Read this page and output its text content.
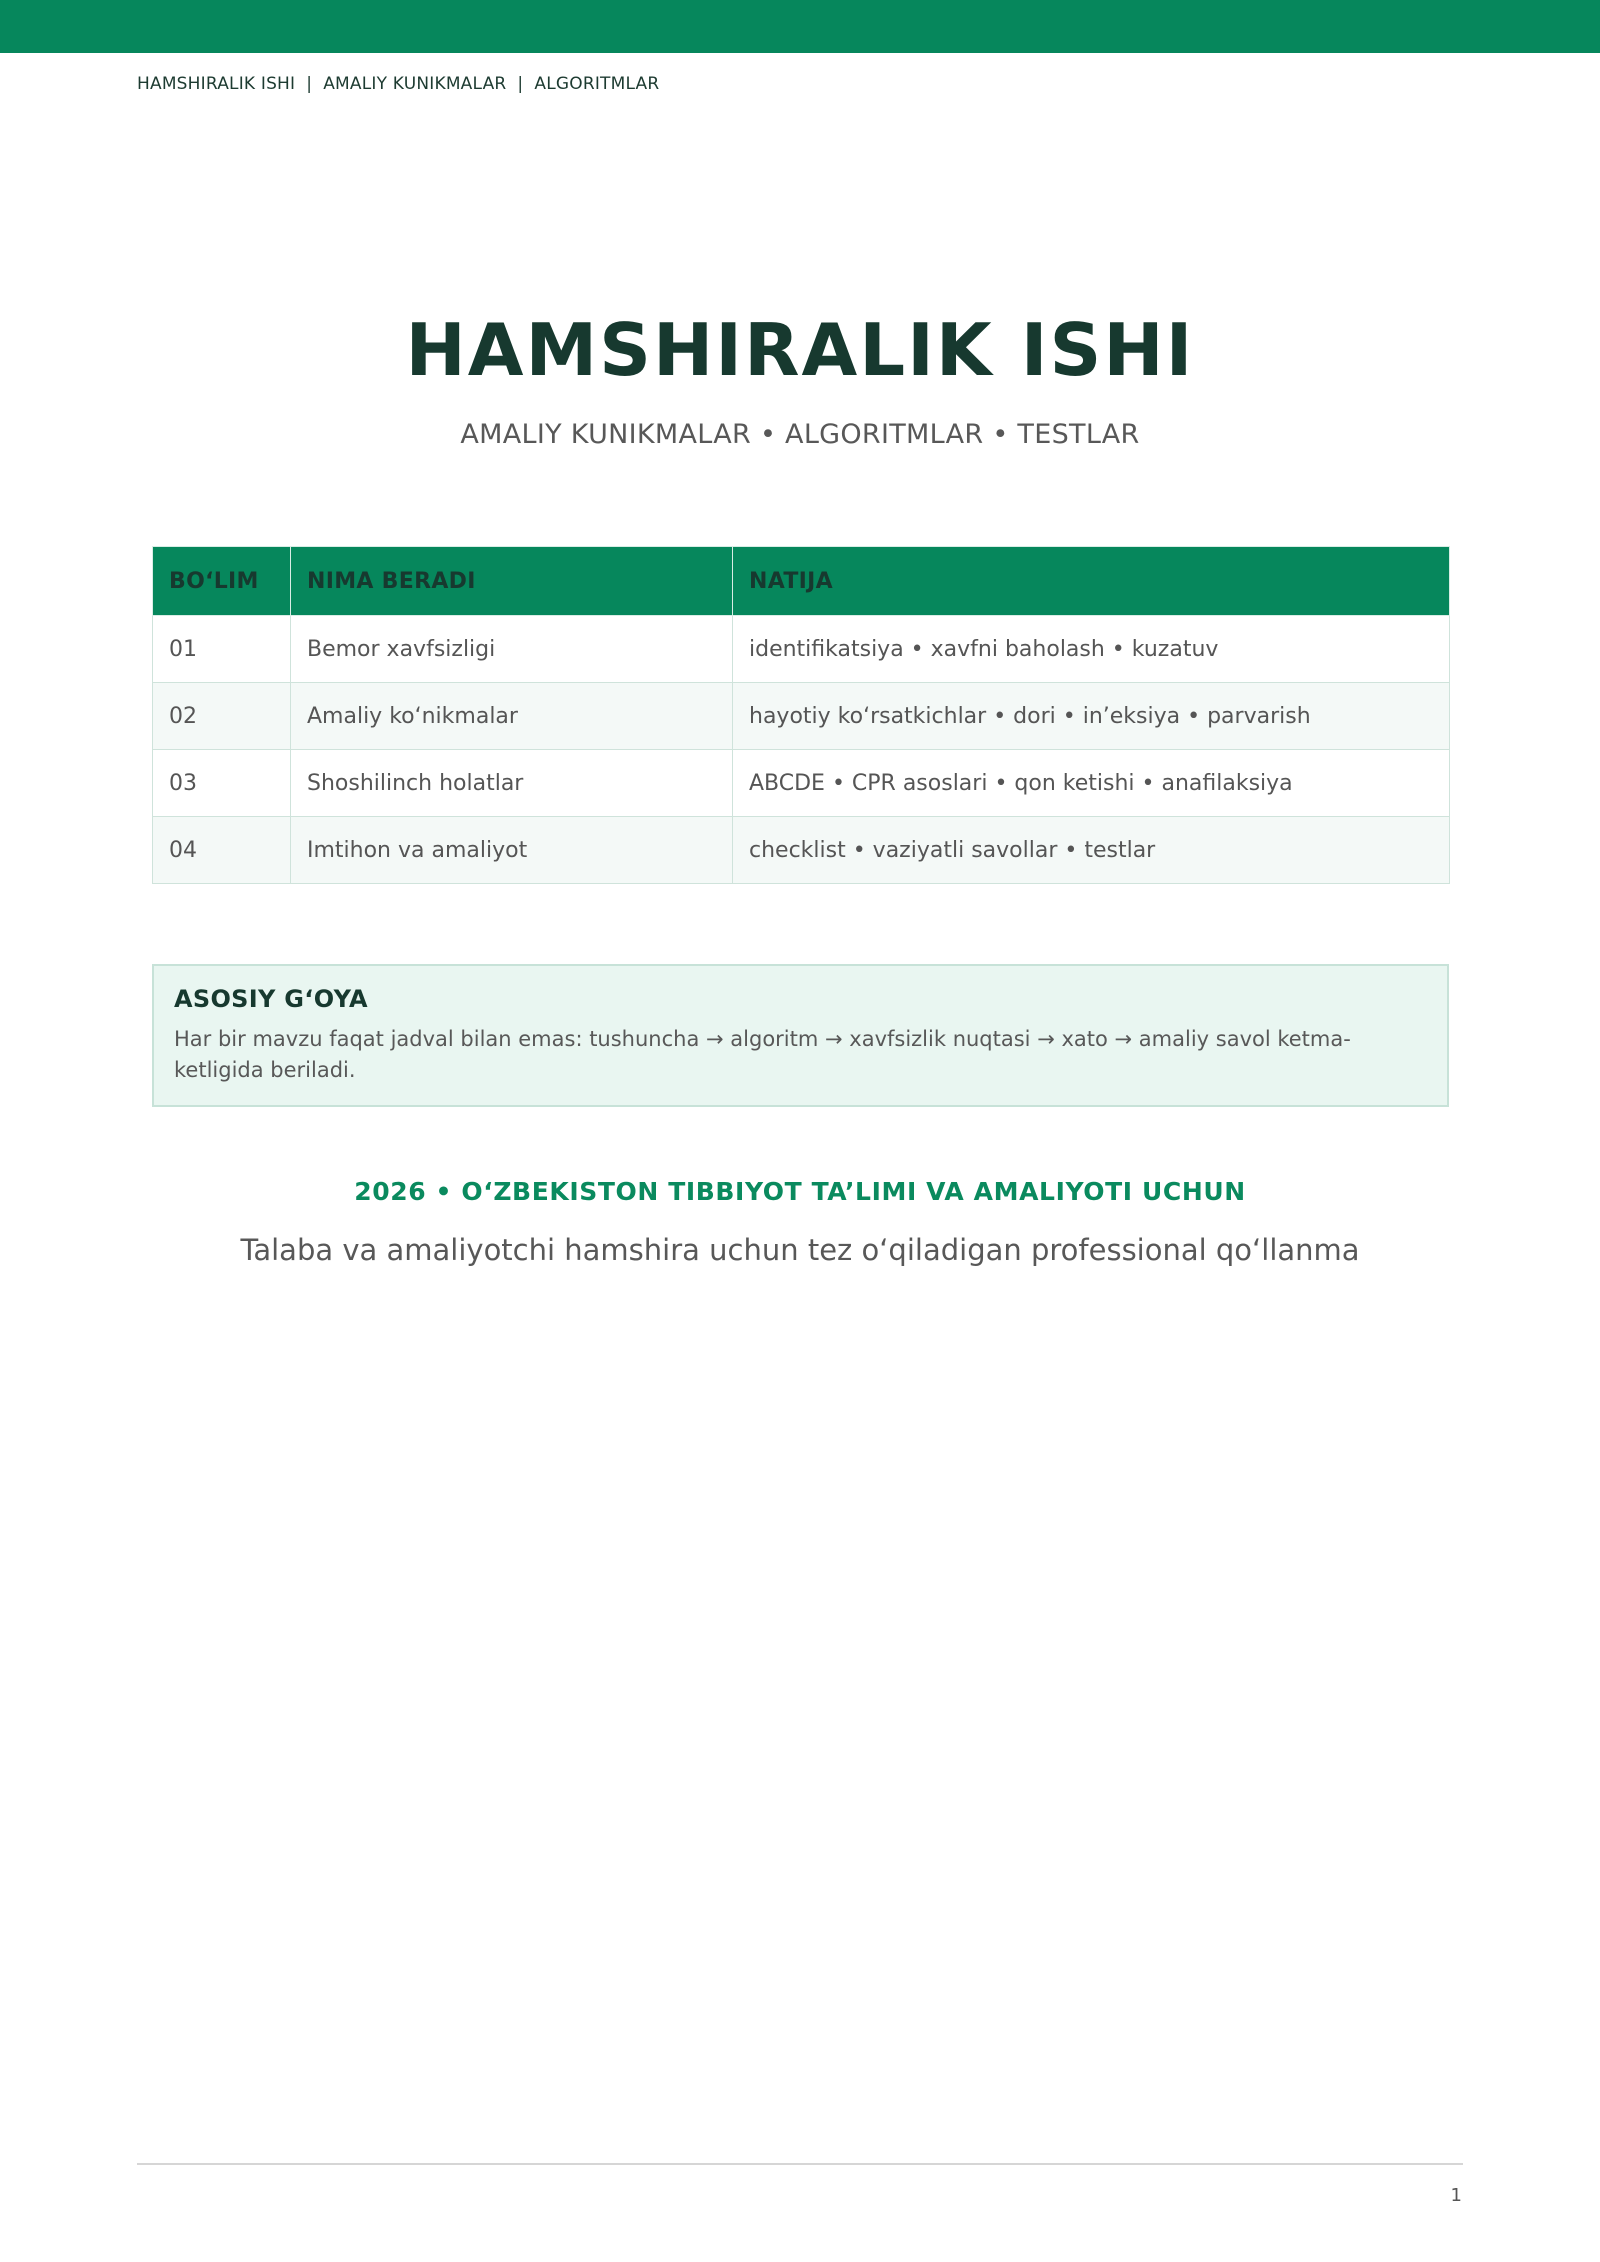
HAMSHIRALIK ISHI | AMALIY KUNIKMALAR | ALGORITMLAR
HAMSHIRALIK ISHI
AMALIY KUNIKMALAR • ALGORITMLAR • TESTLAR
BO‘LIM	NIMA BERADI	NATIJA
01	Bemor xavfsizligi	identifikatsiya • xavfni baholash • kuzatuv
02	Amaliy ko‘nikmalar	hayotiy ko‘rsatkichlar • dori • in’eksiya • parvarish
03	Shoshilinch holatlar	ABCDE • CPR asoslari • qon ketishi • anafilaksiya
04	Imtihon va amaliyot	checklist • vaziyatli savollar • testlar
ASOSIY G‘OYA
Har bir mavzu faqat jadval bilan emas: tushuncha → algoritm → xavfsizlik nuqtasi → xato → amaliy savol ketma-ketligida beriladi.
2026 • O‘ZBEKISTON TIBBIYOT TA’LIMI VA AMALIYOTI UCHUN
Talaba va amaliyotchi hamshira uchun tez o‘qiladigan professional qo‘llanma
1
